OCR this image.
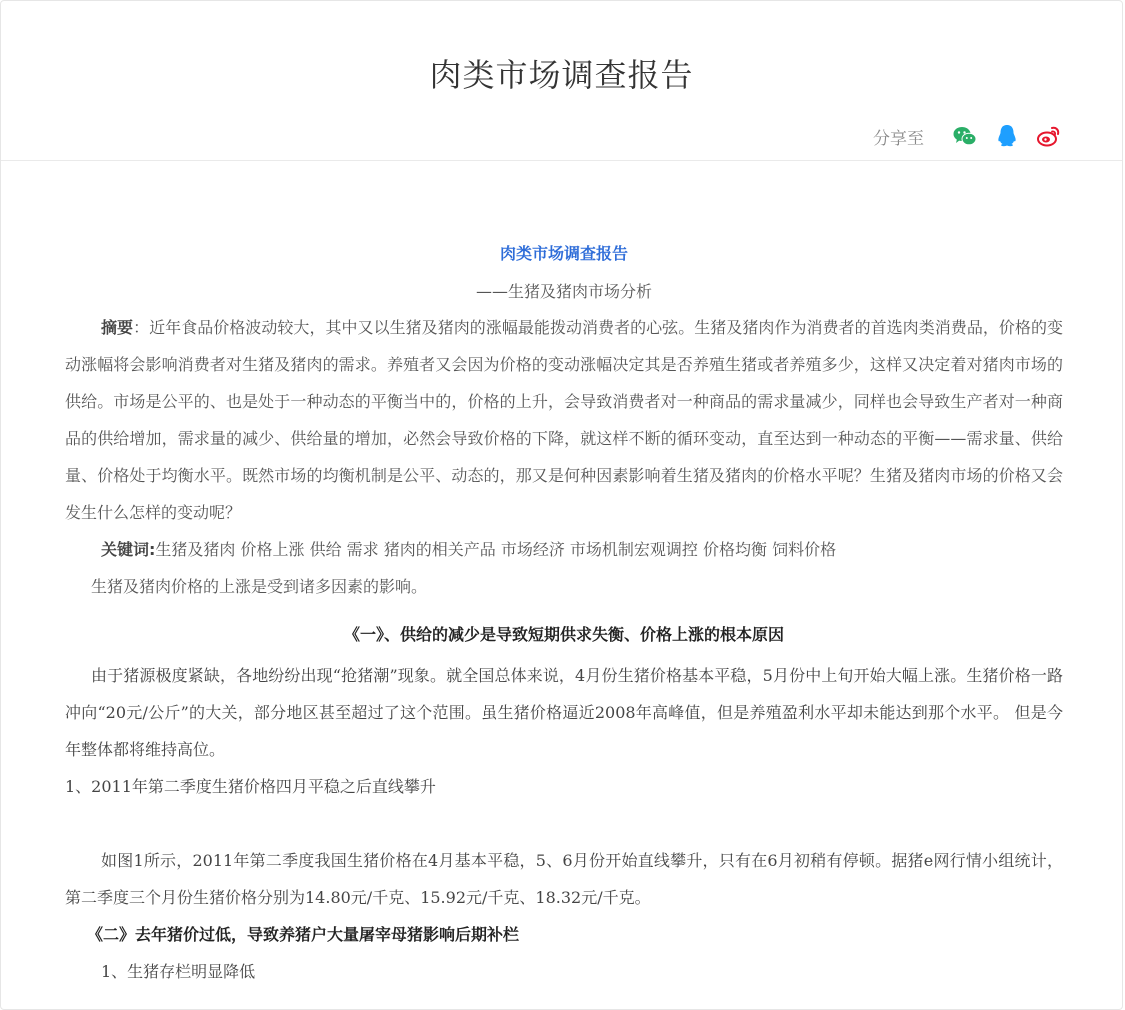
肉类市场调查报告
分享至

肉类市场调查报告

——生猪及猪肉市场分析

摘要：近年食品价格波动较大，其中又以生猪及猪肉的涨幅最能拨动消费者的心弦。生猪及猪肉作为消费者的首选肉类消费品，价格的变动涨幅将会影响消费者对生猪及猪肉的需求。养殖者又会因为价格的变动涨幅决定其是否养殖生猪或者养殖多少，这样又决定着对猪肉市场的供给。市场是公平的、也是处于一种动态的平衡当中的，价格的上升，会导致消费者对一种商品的需求量减少，同样也会导致生产者对一种商品的供给增加，需求量的减少、供给量的增加，必然会导致价格的下降，就这样不断的循环变动，直至达到一种动态的平衡——需求量、供给量、价格处于均衡水平。既然市场的均衡机制是公平、动态的，那又是何种因素影响着生猪及猪肉的价格水平呢？生猪及猪肉市场的价格又会发生什么怎样的变动呢？

关键词:生猪及猪肉 价格上涨 供给 需求 猪肉的相关产品 市场经济 市场机制宏观调控 价格均衡 饲料价格

生猪及猪肉价格的上涨是受到诸多因素的影响。

《一》、供给的减少是导致短期供求失衡、价格上涨的根本原因

由于猪源极度紧缺，各地纷纷出现“抢猪潮”现象。就全国总体来说，4月份生猪价格基本平稳，5月份中上旬开始大幅上涨。生猪价格一路冲向“20元/公斤”的大关，部分地区甚至超过了这个范围。虽生猪价格逼近2008年高峰值，但是养殖盈利水平却未能达到那个水平。 但是今年整体都将维持高位。

1、2011年第二季度生猪价格四月平稳之后直线攀升

如图1所示，2011年第二季度我国生猪价格在4月基本平稳，5、6月份开始直线攀升，只有在6月初稍有停顿。据猪e网行情小组统计，第二季度三个月份生猪价格分别为14.80元/千克、15.92元/千克、18.32元/千克。

《二》去年猪价过低，导致养猪户大量屠宰母猪影响后期补栏

1、生猪存栏明显降低
